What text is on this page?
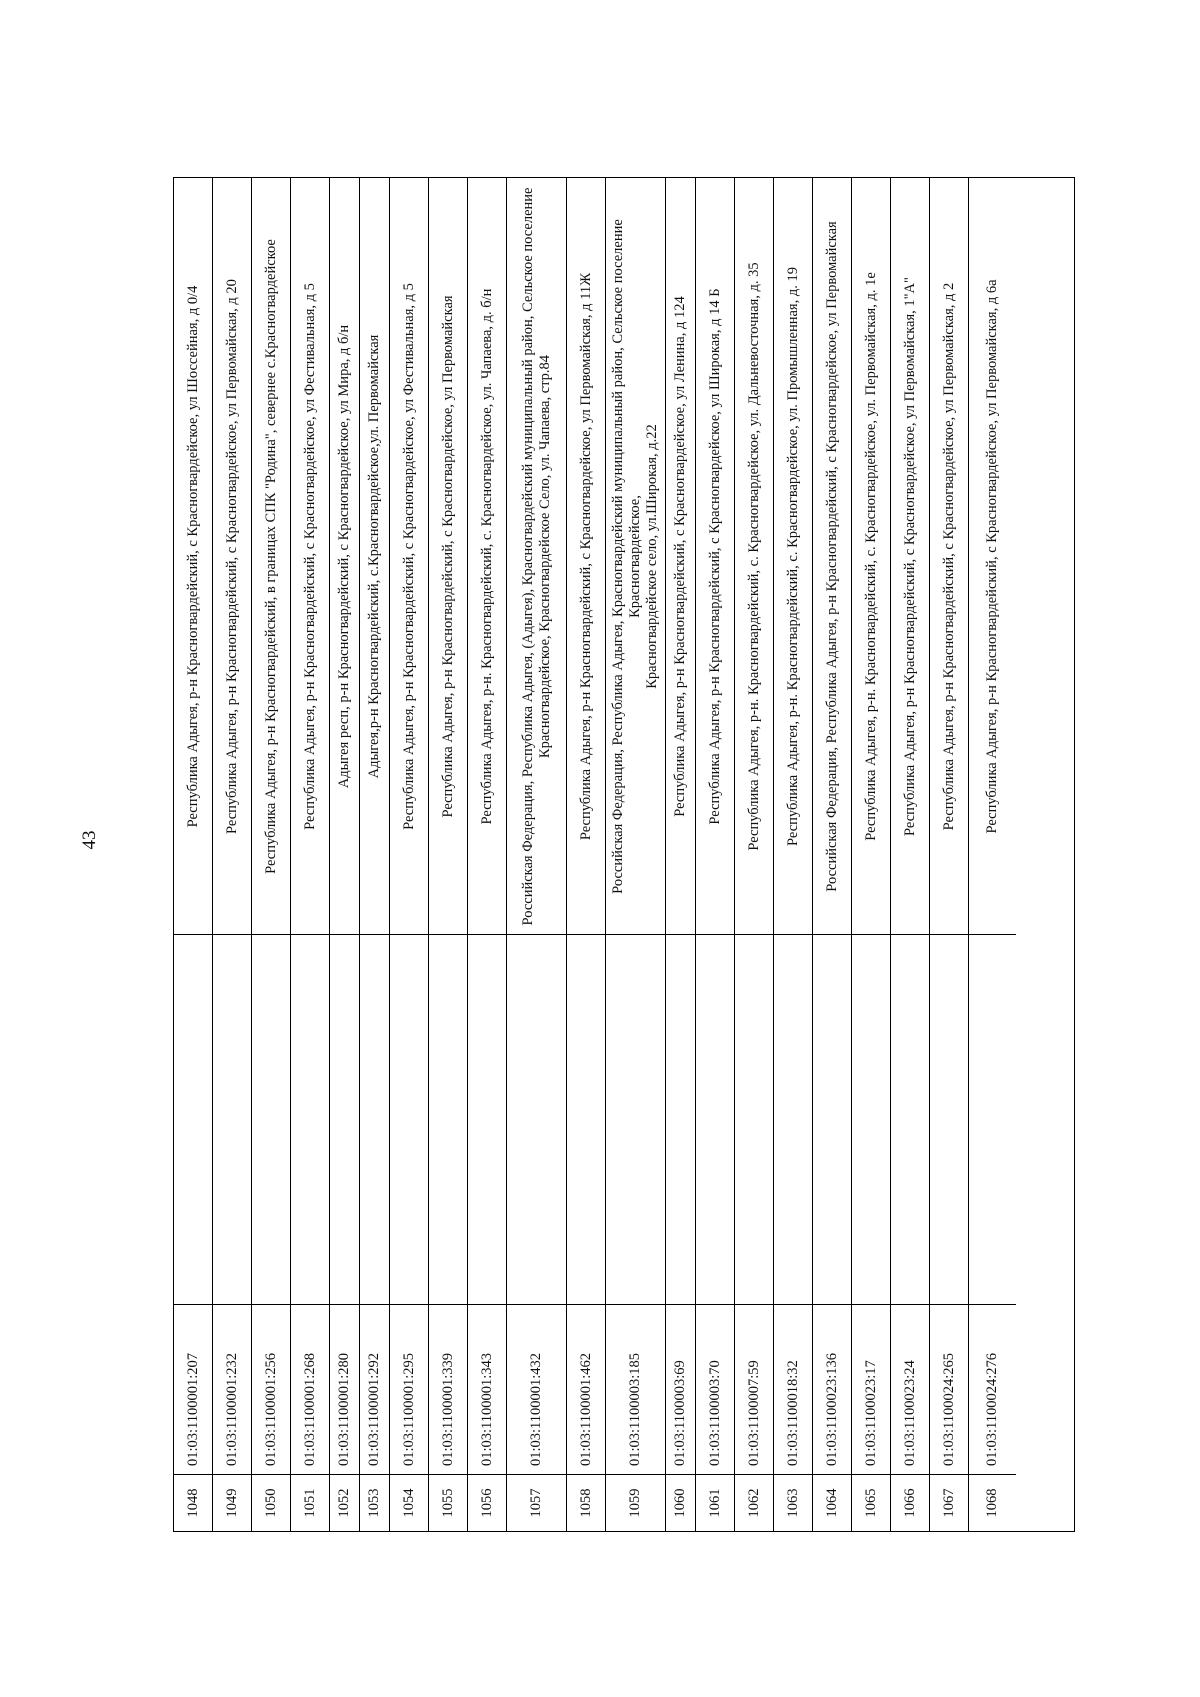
43
1048
01:03:1100001:207
Республика Адыгея, р-н Красногвардейский, с Красногвардейское, ул Шоссейная, д 0/4
1049
01:03:1100001:232
Республика Адыгея, р-н Красногвардейский, с Красногвардейское, ул Первомайская, д 20
1050
01:03:1100001:256
Республика Адыгея, р-н Красногвардейский, в границах СПК "Родина", севернее с.Красногвардейское
1051
01:03:1100001:268
Республика Адыгея, р-н Красногвардейский, с Красногвардейское, ул Фестивальная, д 5
1052
01:03:1100001:280
Адыгея респ, р-н Красногвардейский, с Красногвардейское, ул Мира, д б/н
1053
01:03:1100001:292
Адыгея,р-н Красногвардейский, с.Красногвардейское,ул. Первомайская
1054
01:03:1100001:295
Республика Адыгея, р-н Красногвардейский, с Красногвардейское, ул Фестивальная, д 5
1055
01:03:1100001:339
Республика Адыгея, р-н Красногвардейский, с Красногвардейское, ул Первомайская
1056
01:03:1100001:343
Республика Адыгея, р-н. Красногвардейский, с. Красногвардейское, ул. Чапаева, д. б/н
1057
01:03:1100001:432
Российская Федерация, Республика Адыгея, (Адыгея), Красногвардейский муниципальный район, Сельское поселение Красногвардейское, Красногвардейское Село, ул. Чапаева, стр.84
1058
01:03:1100001:462
Республика Адыгея, р-н Красногвардейский, с Красногвардейское, ул Первомайская, д 11Ж
1059
01:03:1100003:185
Российская Федерация, Республика Адыгея, Красногвардейский муниципальный район, Сельское поселение Красногвардейское, Красногвардейское село, ул.Широкая, д.22
1060
01:03:1100003:69
Республика Адыгея, р-н Красногвардейский, с Красногвардейское, ул Ленина, д 124
1061
01:03:1100003:70
Республика Адыгея, р-н Красногвардейский, с Красногвардейское, ул Широкая, д 14 Б
1062
01:03:1100007:59
Республика Адыгея, р-н. Красногвардейский, с. Красногвардейское, ул. Дальневосточная, д. 35
1063
01:03:1100018:32
Республика Адыгея, р-н. Красногвардейский, с. Красногвардейское, ул. Промышленная, д. 19
1064
01:03:1100023:136
Российская Федерация, Республика Адыгея, р-н Красногвардейский, с Красногвардейское, ул Первомайская
1065
01:03:1100023:17
Республика Адыгея, р-н. Красногвардейский, с. Красногвардейское, ул. Первомайская, д. 1е
1066
01:03:1100023:24
Республика Адыгея, р-н Красногвардейский, с Красногвардейское, ул Первомайская, 1"А"
1067
01:03:1100024:265
Республика Адыгея, р-н Красногвардейский, с Красногвардейское, ул Первомайская, д 2
1068
01:03:1100024:276
Республика Адыгея, р-н Красногвардейский, с Красногвардейское, ул Первомайская, д 6а
